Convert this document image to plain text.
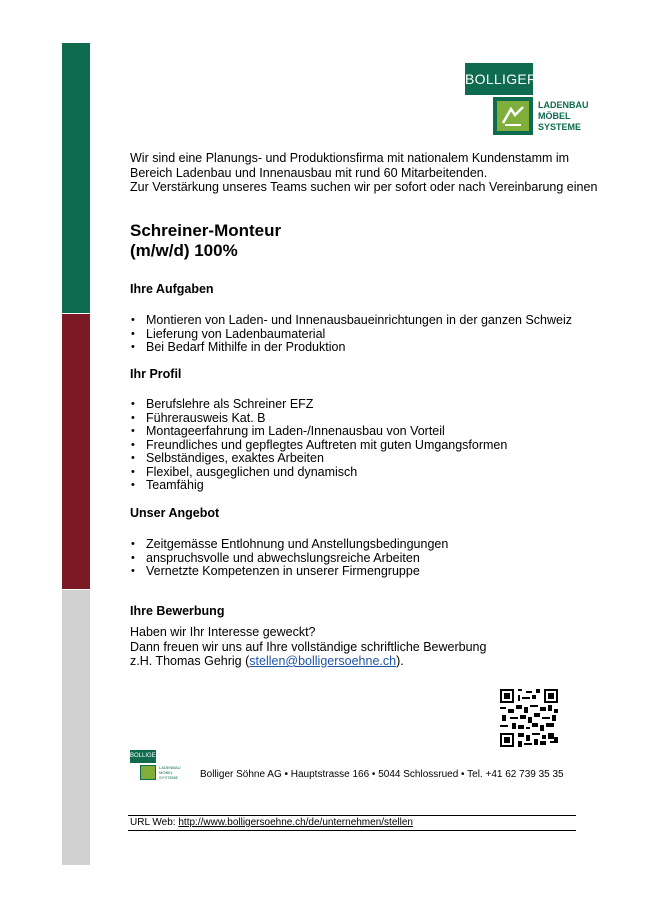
BOLLIGER
LADENBAU
MÖBEL
SYSTEME
Wir sind eine Planungs- und Produktionsfirma mit nationalem Kundenstamm im
Bereich Ladenbau und Innenausbau mit rund 60 Mitarbeitenden.
Zur Verstärkung unseres Teams suchen wir per sofort oder nach Vereinbarung einen
Schreiner-Monteur
(m/w/d) 100%
Ihre Aufgaben
• Montieren von Laden- und Innenausbaueinrichtungen in der ganzen Schweiz
• Lieferung von Ladenbaumaterial
• Bei Bedarf Mithilfe in der Produktion
Ihr Profil
• Berufslehre als Schreiner EFZ
• Führerausweis Kat. B
• Montageerfahrung im Laden-/Innenausbau von Vorteil
• Freundliches und gepflegtes Auftreten mit guten Umgangsformen
• Selbständiges, exaktes Arbeiten
• Flexibel, ausgeglichen und dynamisch
• Teamfähig
Unser Angebot
• Zeitgemässe Entlohnung und Anstellungsbedingungen
• anspruchsvolle und abwechslungsreiche Arbeiten
• Vernetzte Kompetenzen in unserer Firmengruppe
Ihre Bewerbung
Haben wir Ihr Interesse geweckt?
Dann freuen wir uns auf Ihre vollständige schriftliche Bewerbung
z.H. Thomas Gehrig (stellen@bolligersoehne.ch).
BOLLIGER
LADENBAU
MÖBEL
SYSTEME Bolliger Söhne AG • Hauptstrasse 166 • 5044 Schlossrued • Tel. +41 62 739 35 35
URL Web: http://www.bolligersoehne.ch/de/unternehmen/stellen
